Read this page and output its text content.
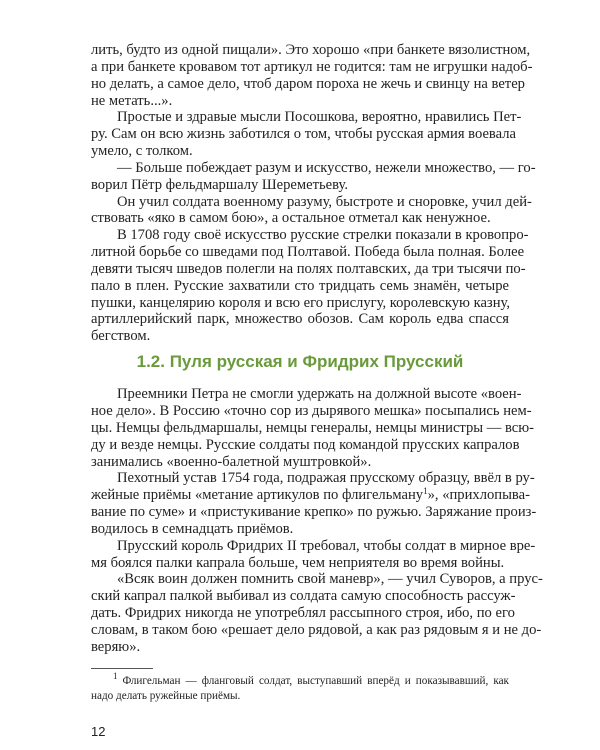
лить, будто из одной пищали». Это хорошо «при банкете вязолистном,
а при банкете кровавом тот артикул не годится: там не игрушки надоб-
но делать, а самое дело, чтоб даром пороха не жечь и свинцу на ветер
не метать...».
Простые и здравые мысли Посошкова, вероятно, нравились Пет-
ру. Сам он всю жизнь заботился о том, чтобы русская армия воевала
умело, с толком.
— Больше побеждает разум и искусство, нежели множество, — го-
ворил Пётр фельдмаршалу Шереметьеву.
Он учил солдата военному разуму, быстроте и сноровке, учил дей-
ствовать «яко в самом бою», а остальное отметал как ненужное.
В 1708 году своё искусство русские стрелки показали в кровопро-
литной борьбе со шведами под Полтавой. Победа была полная. Более
девяти тысяч шведов полегли на полях полтавских, да три тысячи по-
пало в плен. Русские захватили сто тридцать семь знамён, четыре
пушки, канцелярию короля и всю его прислугу, королевскую казну,
артиллерийский парк, множество обозов. Сам король едва спасся
бегством.
1.2. Пуля русская и Фридрих Прусский
Преемники Петра не смогли удержать на должной высоте «воен-
ное дело». В Россию «точно сор из дырявого мешка» посыпались нем-
цы. Немцы фельдмаршалы, немцы генералы, немцы министры — всю-
ду и везде немцы. Русские солдаты под командой прусских капралов
занимались «военно-балетной муштровкой».
Пехотный устав 1754 года, подражая прусскому образцу, ввёл в ру-
жейные приёмы «метание артикулов по флигельману$^1$», «прихлопыва-
вание по суме» и «пристукивание крепко» по ружью. Заряжание произ-
водилось в семнадцать приёмов.
Прусский король Фридрих II требовал, чтобы солдат в мирное вре-
мя боялся палки капрала больше, чем неприятеля во время войны.
«Всяк воин должен помнить свой маневр», — учил Суворов, а прус-
ский капрал палкой выбивал из солдата самую способность рассуж-
дать. Фридрих никогда не употреблял рассыпного строя, ибо, по его
словам, в таком бою «решает дело рядовой, а как раз рядовым я и не до-
веряю».
$^1$ Флигельман — фланговый солдат, выступавший вперёд и показывавший, как
надо делать ружейные приёмы.
12
